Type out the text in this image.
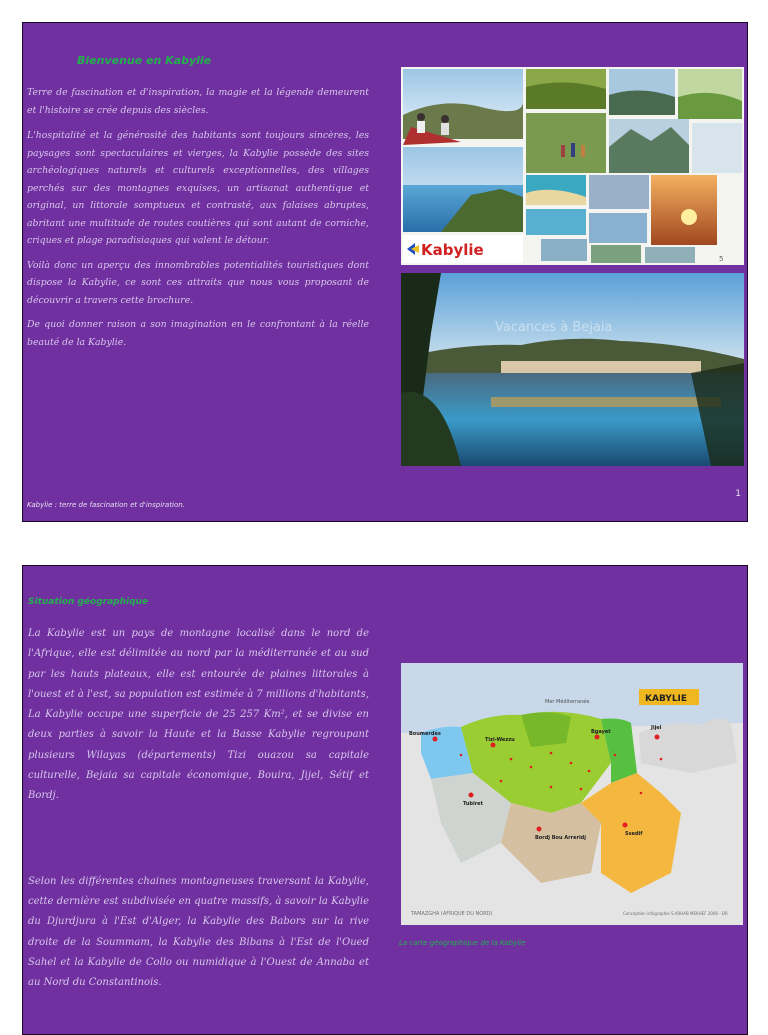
Bienvenue en Kabylie

Terre de fascination et d'inspiration, la magie et la légende demeurent et l'histoire se crée depuis des siècles.

L'hospitalité et la générosité des habitants sont toujours sincères, les paysages sont spectaculaires et vierges, la Kabylie possède des sites archéologiques naturels et culturels exceptionnelles, des villages perchés sur des montagnes exquises, un artisanat authentique et original, un littorale somptueux et contrasté, aux falaises abruptes, abritant une multitude de routes coutières qui sont autant de corniche, criques et plage paradisiaques qui valent le détour.

Voilà donc un aperçu des innombrables potentialités touristiques dont dispose la Kabylie, ce sont ces attraits que nous vous proposant de découvrir a travers cette brochure.

De quoi donner raison a son imagination en le confrontant à la réelle beauté de la Kabylie.

Kabylie	5
Vacances à Bejaia
Kabylie : terre de fascination et d'inspiration.
1
Situation géographique

La Kabylie est un pays de montagne localisé dans le nord de l'Afrique, elle est délimitée au nord par la méditerranée et au sud par les hauts plateaux, elle est entourée de plaines littorales à l'ouest et à l'est, sa population est estimée à 7 millions d'habitants, La Kabylie occupe une superficie de 25 257 Km², et se divise en deux parties à savoir la Haute et la Basse Kabylie regroupant plusieurs Wilayas (départements) Tizi ouazou sa capitale culturelle, Bejaia sa capitale économique, Bouira, Jijel, Sétif et Bordj.

Selon les différentes chaines montagneuses traversant la Kabylie, cette dernière est subdivisée en quatre massifs, à savoir la Kabylie du Djurdjura à l'Est d'Alger, la Kabylie des Babors sur la rive droite de la Soummam, la Kabylie des Bibans à l'Est de l'Oued Sahel et la Kabylie de Collo ou numidique à l'Ouest de Annaba et au Nord du Constantinois.

KABYLIE
Mer Méditerranée
Boumerdès
Tizi-Wezzu
Bgayet
Jijel
Tubiret
Bordj Bou Arreridj
Ssedif
TAMAZGHA (AFRIQUE DU NORD)	Conception infographie S.ARHAB MEKHEF 2006 - DR
La carte géographique de la Kabylie
